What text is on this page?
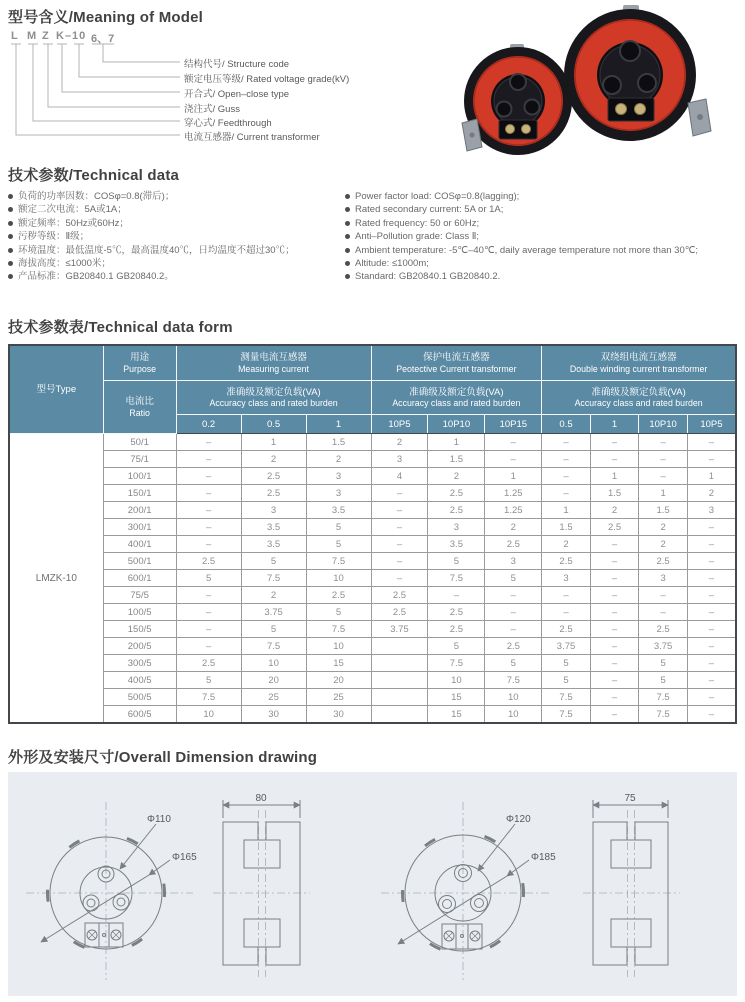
型号含义/Meaning of Model
L M Z K – 10 6、7
结构代号/ Structure code
额定电压等级/ Rated voltage grade(kV)
开合式/ Open–close type
浇注式/ Guss
穿心式/ Feedthrough
电流互感器/ Current transformer
技术参数/Technical data
负荷的功率因数：COSφ=0.8(滞后)；
额定二次电流：5A或1A；
额定频率：50Hz或60Hz；
污秽等级：Ⅱ级；
环境温度：最低温度-5℃，最高温度40℃，日均温度不超过30℃；
海拔高度：≤1000米；
产品标准：GB20840.1 GB20840.2。
Power factor load: COSφ=0.8(lagging);
Rated secondary current: 5A or 1A;
Rated frequency: 50 or 60Hz;
Anti–Pollution grade: Class Ⅱ;
Ambient temperature: -5℃–40℃, daily average temperature not more than 30℃;
Altitude: ≤1000m;
Standard: GB20840.1 GB20840.2.
技术参数表/Technical data form
型号Type

用途
Purpose

测量电流互感器
Measuring current

保护电流互感器
Peotective Current transformer

双绕组电流互感器
Double winding current transformer

电流比
Ratio

准确级及额定负载(VA)
Accuracy class and rated burden

准确级及额定负载(VA)
Accuracy class and rated burden

准确级及额定负载(VA)
Accuracy class and rated burden

		0.2	0.5	1	10P5	10P10	10P15	0.5	1	10P10	10P5
LMZK-10	50/1	–	1	1.5	2	1	–	–	–	–	–
	75/1	–	2	2	3	1.5	–	–	–	–	–
	100/1	–	2.5	3	4	2	1	–	1	–	1
	150/1	–	2.5	3	–	2.5	1.25	–	1.5	1	2
	200/1	–	3	3.5	–	2.5	1.25	1	2	1.5	3
	300/1	–	3.5	5	–	3	2	1.5	2.5	2	–
	400/1	–	3.5	5	–	3.5	2.5	2	–	2	–
	500/1	2.5	5	7.5	–	5	3	2.5	–	2.5	–
	600/1	5	7.5	10	–	7.5	5	3	–	3	–
	75/5	–	2	2.5	2.5	–	–	–	–	–	–
	100/5	–	3.75	5	2.5	2.5	–	–	–	–	–
	150/5	–	5	7.5	3.75	2.5	–	2.5	–	2.5	–
	200/5	–	7.5	10		5	2.5	3.75	–	3.75	–
	300/5	2.5	10	15		7.5	5	5	–	5	–
	400/5	5	20	20		10	7.5	5	–	5	–
	500/5	7.5	25	25		15	10	7.5	–	7.5	–
	600/5	10	30	30		15	10	7.5	–	7.5	–
外形及安装尺寸/Overall Dimension drawing
Φ110
Φ165
80
Φ120
Φ185
75
